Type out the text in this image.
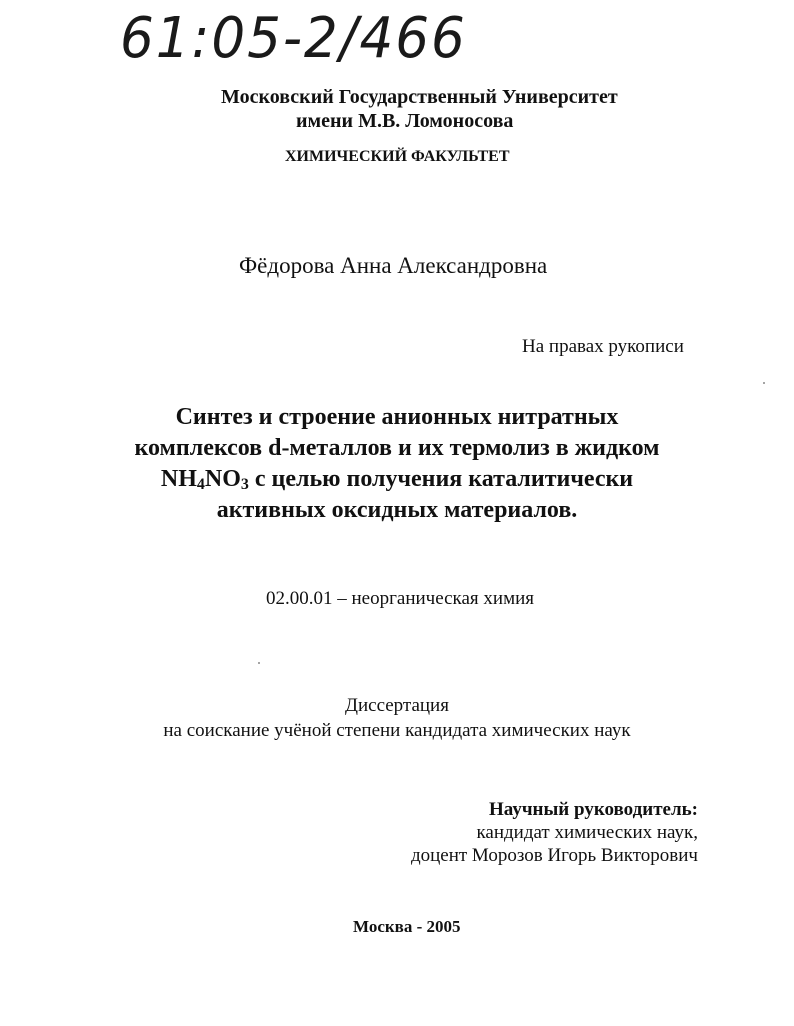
61:05-2/466
Московский Государственный Университет
имени М.В. Ломоносова
ХИМИЧЕСКИЙ ФАКУЛЬТЕТ
Фёдорова Анна Александровна
На правах рукописи
Синтез и строение анионных нитратных
комплексов d-металлов и их термолиз в жидком
$NH_4NO_3$ с целью получения каталитически
активных оксидных материалов.
02.00.01 – неорганическая химия
Диссертация
на соискание учёной степени кандидата химических наук
Научный руководитель:
кандидат химических наук,
доцент Морозов Игорь Викторович
Москва - 2005
